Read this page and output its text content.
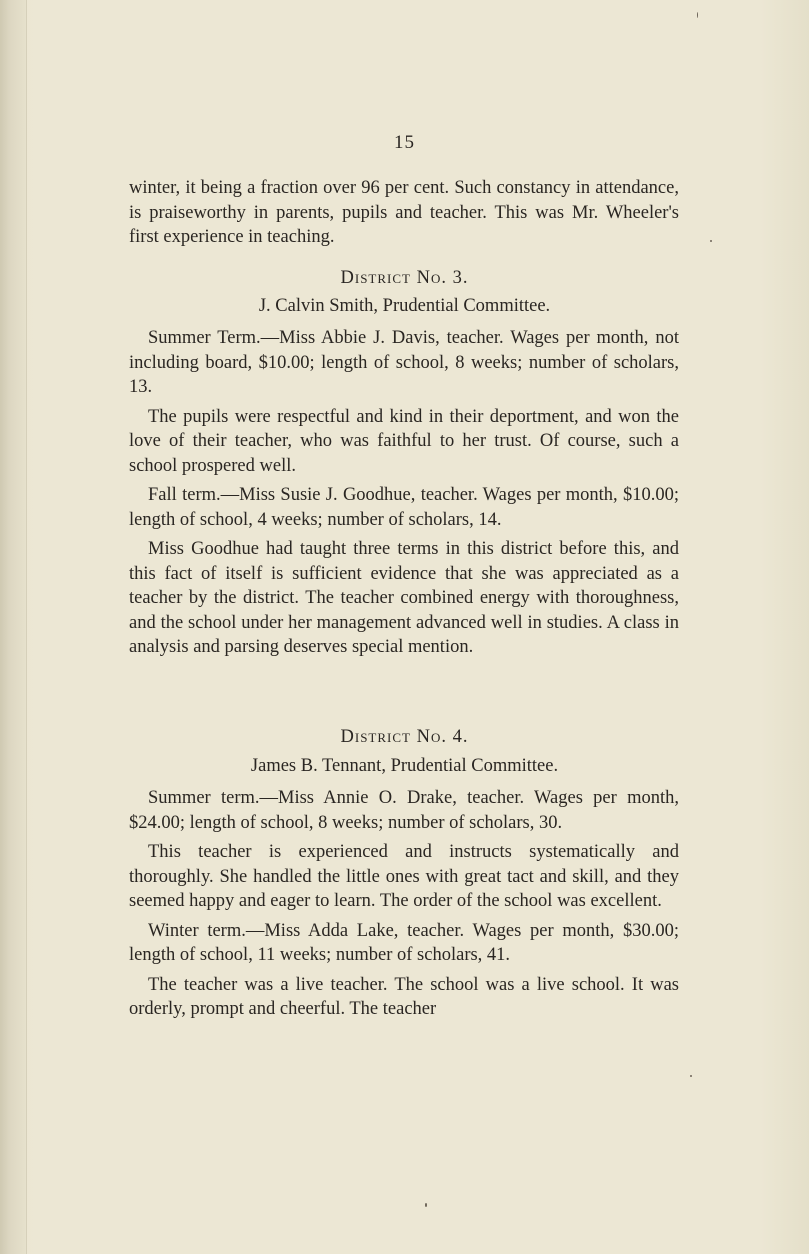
15

winter, it being a fraction over 96 per cent. Such constancy in attendance, is praiseworthy in parents, pupils and teacher. This was Mr. Wheeler's first experience in teaching.

District No. 3.
J. Calvin Smith, Prudential Committee.

Summer Term.—Miss Abbie J. Davis, teacher. Wages per month, not including board, $10.00; length of school, 8 weeks; number of scholars, 13.

The pupils were respectful and kind in their deportment, and won the love of their teacher, who was faithful to her trust. Of course, such a school prospered well.

Fall term.—Miss Susie J. Goodhue, teacher. Wages per month, $10.00; length of school, 4 weeks; number of scholars, 14.

Miss Goodhue had taught three terms in this district before this, and this fact of itself is sufficient evidence that she was appreciated as a teacher by the district. The teacher combined energy with thoroughness, and the school under her management advanced well in studies. A class in analysis and parsing deserves special mention.

District No. 4.
James B. Tennant, Prudential Committee.

Summer term.—Miss Annie O. Drake, teacher. Wages per month, $24.00; length of school, 8 weeks; number of scholars, 30.

This teacher is experienced and instructs systematically and thoroughly. She handled the little ones with great tact and skill, and they seemed happy and eager to learn. The order of the school was excellent.

Winter term.—Miss Adda Lake, teacher. Wages per month, $30.00; length of school, 11 weeks; number of scholars, 41.

The teacher was a live teacher. The school was a live school. It was orderly, prompt and cheerful. The teacher
